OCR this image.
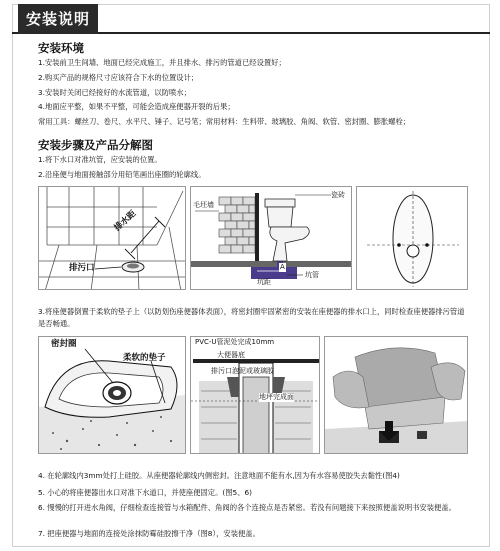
安装说明
安装环境
1.安装前卫生间墙、地面已经完成施工，并且排水、排污的管道已经设置好；
2.购买产品的规格尺寸应该符合下水的位置设计；
3.安装时关闭已经接好的水流管道，以防喷水；
4.地面应平整，如果不平整，可能会造成座便器开裂的后果；
常用工具：螺丝刀、卷尺、水平尺、锤子、记号笔；常用材料：生料带、玻璃胶、角阀、软管、密封圈、膨胀螺栓；
安装步骤及产品分解图
1.将下水口对准坑管，应安装的位置。
2.沿座便与地面接触部分用铅笔画出座圈的轮廓线。
排水距
排污口
瓷砖
毛坯墙
A
坑距
坑管
3.将座便器倒置于柔软的垫子上（以防划伤座便器体表面），将密封圈牢固紧密的安装在座便器的排水口上，同时检查座便器排污管道是否畅通。
密封圈
柔软的垫子
PVC-U管泥处完成10mm
大便器底
排污口泡泥或玻璃胶
地坪完成面
4. 在轮廓线内3mm处打上硅胶。从座便器轮廓线内侧密封。注意地面不能有水,因为有水容易使胶失去黏性(图4)
5. 小心的将座便器出水口对准下水道口，并使座便固定。(图5、6)
6. 慢慢的打开进水角阀，仔细检查连接管与水箱配件、角阀的各个连接点是否紧密。若没有问题接下来按照便盖说明书安装便盖。
7. 把座便器与地面的连接处涂抹防霉硅胶擦干净（图8），安装便盖。
